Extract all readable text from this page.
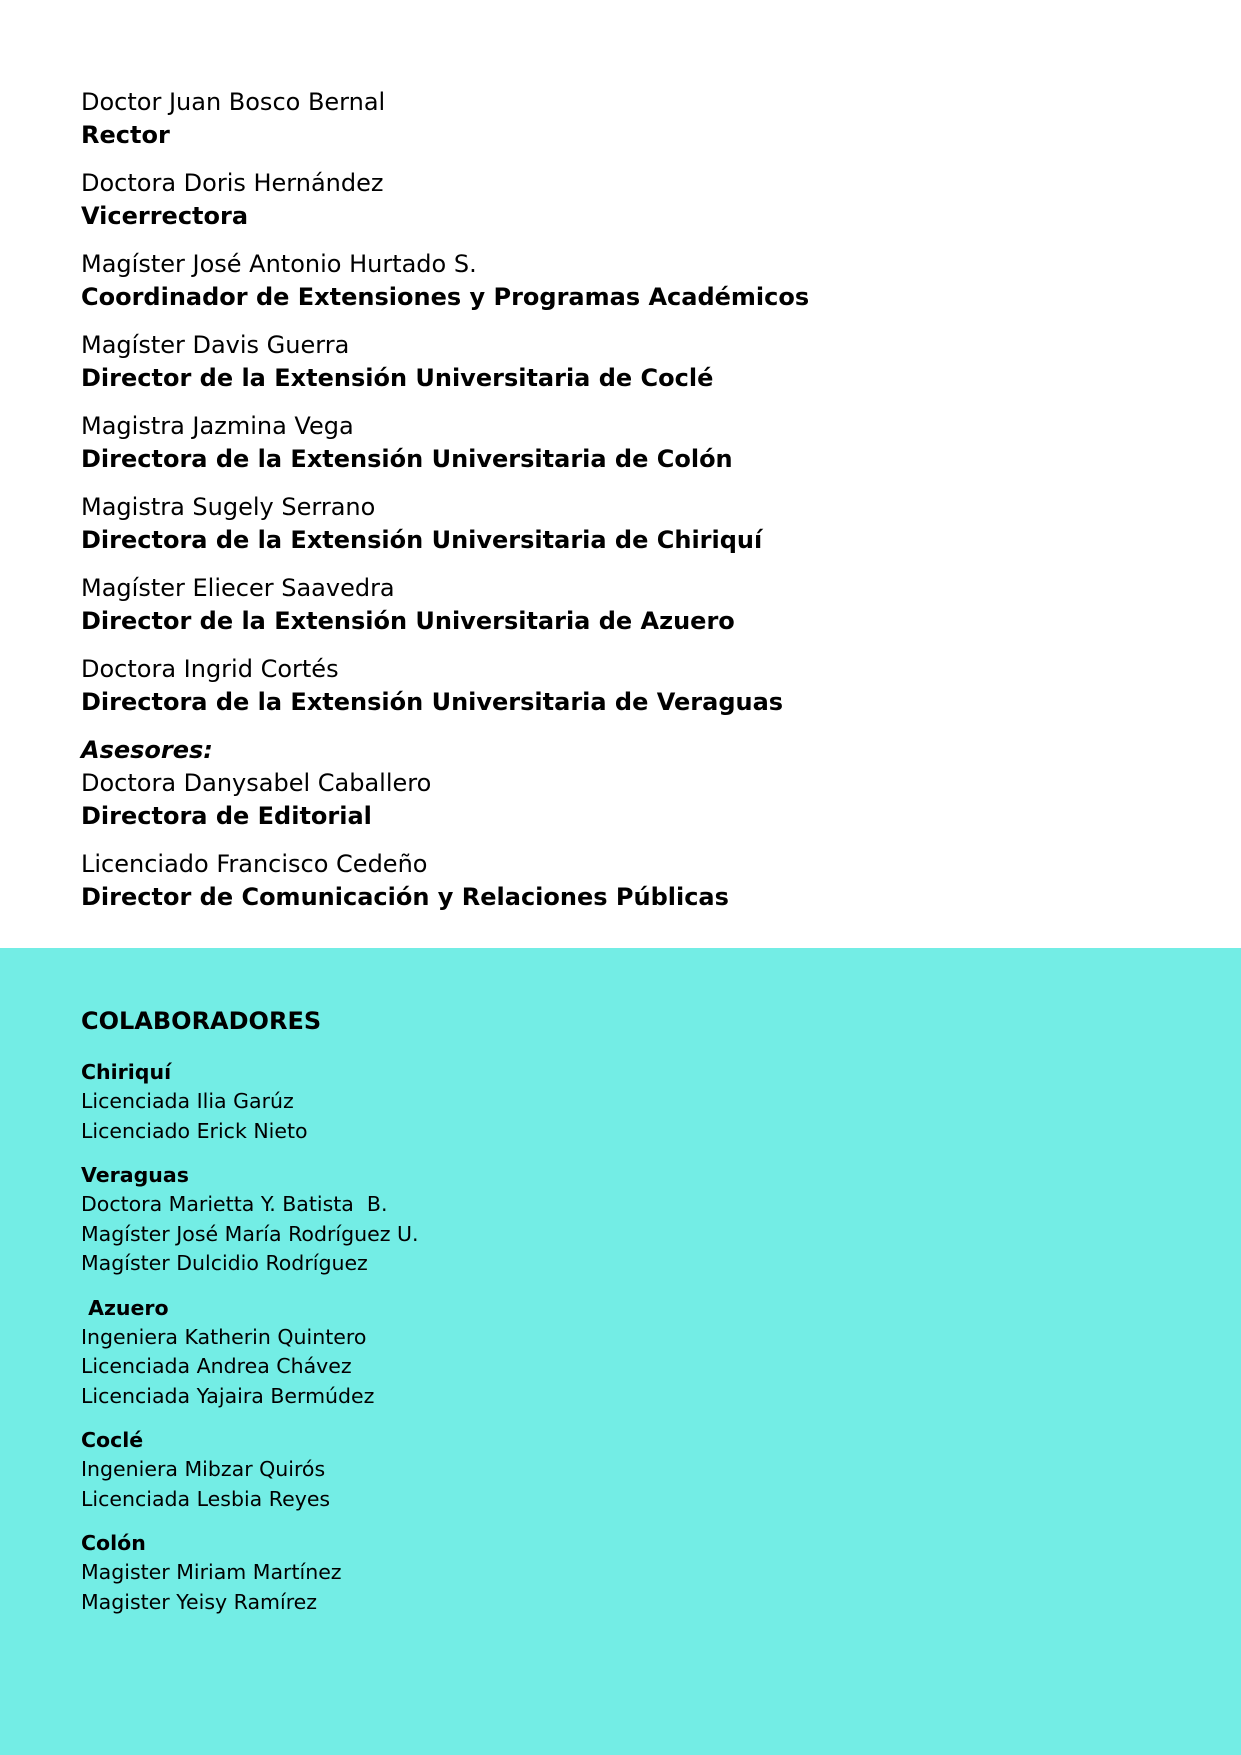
Doctor Juan Bosco Bernal
Rector
Doctora Doris Hernández
Vicerrectora
Magíster José Antonio Hurtado S.
Coordinador de Extensiones y Programas Académicos
Magíster Davis Guerra
Director de la Extensión Universitaria de Coclé
Magistra Jazmina Vega
Directora de la Extensión Universitaria de Colón
Magistra Sugely Serrano
Directora de la Extensión Universitaria de Chiriquí
Magíster Eliecer Saavedra
Director de la Extensión Universitaria de Azuero
Doctora Ingrid Cortés
Directora de la Extensión Universitaria de Veraguas
Asesores:
Doctora Danysabel Caballero
Directora de Editorial
Licenciado Francisco Cedeño
Director de Comunicación y Relaciones Públicas
COLABORADORES
Chiriquí
Licenciada Ilia Garúz
Licenciado Erick Nieto
Veraguas
Doctora Marietta Y. Batista  B.
Magíster José María Rodríguez U.
Magíster Dulcidio Rodríguez
Azuero
Ingeniera Katherin Quintero
Licenciada Andrea Chávez
Licenciada Yajaira Bermúdez
Coclé
Ingeniera Mibzar Quirós
Licenciada Lesbia Reyes
Colón
Magister Miriam Martínez
Magister Yeisy Ramírez
